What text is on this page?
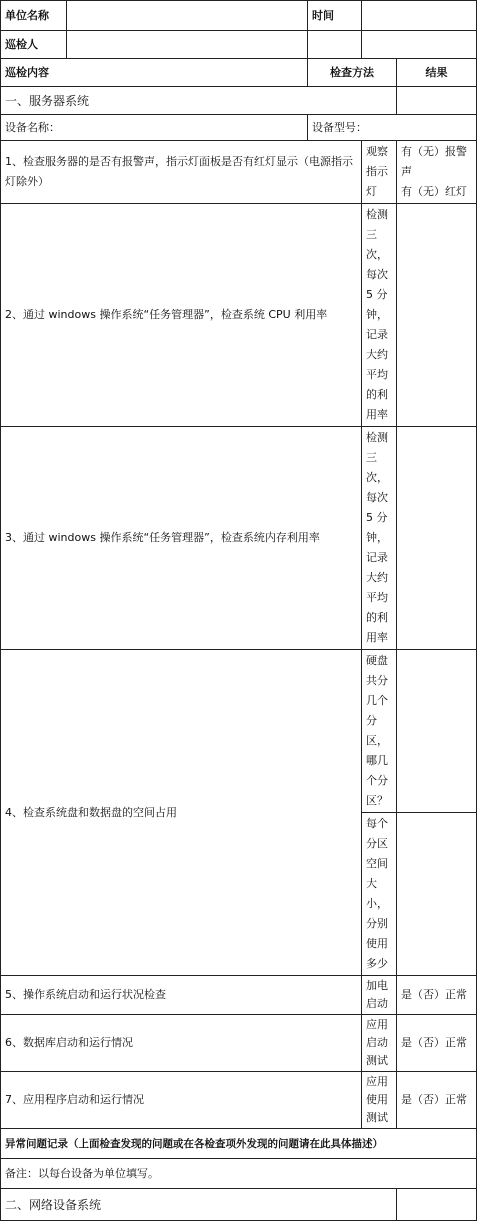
单位名称		时间		
巡检人				
巡检内容		检查方法		结果
一、服务器系统				
设备名称：		设备型号：		
1、检查服务器的是否有报警声，指示灯面板是否有红灯显示（电源指示灯除外）			观察指示灯	有（无）报警声
有（无）红灯

2、通过 windows 操作系统“任务管理器”，检查系统 CPU 利用率			检测三次，每次 5 分钟，记录大约平均的利用率	
3、通过 windows 操作系统“任务管理器”，检查系统内存利用率			检测三次，每次 5 分钟，记录大约平均的利用率	
4、检查系统盘和数据盘的空间占用			硬盘共分几个分区，哪几个分区？	
			每个分区空间大小，分别使用多少	
5、操作系统启动和运行状况检查			加电启动	是（否）正常
6、数据库启动和运行情况			应用启动测试	是（否）正常
7、应用程序启动和运行情况			应用使用测试	是（否）正常
异常问题记录（上面检查发现的问题或在各检查项外发现的问题请在此具体描述）				
备注：以每台设备为单位填写。				
二、网络设备系统				
